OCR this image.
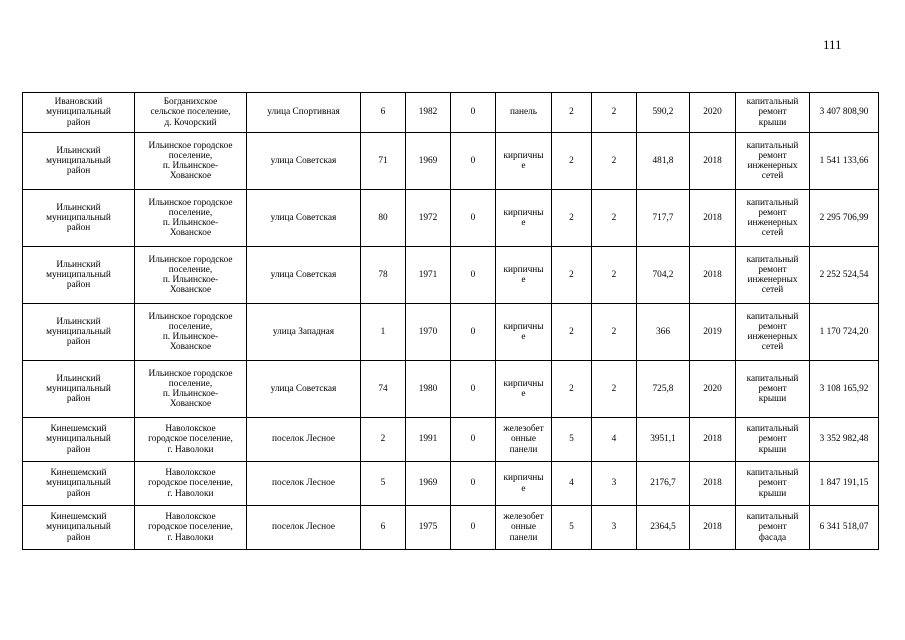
111
Ивановский
муниципальный
район	Богданихское
сельское поселение,
д. Кочорский	улица Спортивная	6	1982	0	панель	2	2	590,2	2020	капитальный
ремонт
крыши	3 407 808,90
Ильинский
муниципальный
район	Ильинское городское
поселение,
п. Ильинское-
Хованское	улица Советская	71	1969	0	кирпичны
е	2	2	481,8	2018	капитальный
ремонт
инженерных
сетей	1 541 133,66
Ильинский
муниципальный
район	Ильинское городское
поселение,
п. Ильинское-
Хованское	улица Советская	80	1972	0	кирпичны
е	2	2	717,7	2018	капитальный
ремонт
инженерных
сетей	2 295 706,99
Ильинский
муниципальный
район	Ильинское городское
поселение,
п. Ильинское-
Хованское	улица Советская	78	1971	0	кирпичны
е	2	2	704,2	2018	капитальный
ремонт
инженерных
сетей	2 252 524,54
Ильинский
муниципальный
район	Ильинское городское
поселение,
п. Ильинское-
Хованское	улица Западная	1	1970	0	кирпичны
е	2	2	366	2019	капитальный
ремонт
инженерных
сетей	1 170 724,20
Ильинский
муниципальный
район	Ильинское городское
поселение,
п. Ильинское-
Хованское	улица Советская	74	1980	0	кирпичны
е	2	2	725,8	2020	капитальный
ремонт
крыши	3 108 165,92
Кинешемский
муниципальный
район	Наволокское
городское поселение,
г. Наволоки	поселок Лесное	2	1991	0	железобет
онные
панели	5	4	3951,1	2018	капитальный
ремонт
крыши	3 352 982,48
Кинешемский
муниципальный
район	Наволокское
городское поселение,
г. Наволоки	поселок Лесное	5	1969	0	кирпичны
е	4	3	2176,7	2018	капитальный
ремонт
крыши	1 847 191,15
Кинешемский
муниципальный
район	Наволокское
городское поселение,
г. Наволоки	поселок Лесное	6	1975	0	железобет
онные
панели	5	3	2364,5	2018	капитальный
ремонт
фасада	6 341 518,07
